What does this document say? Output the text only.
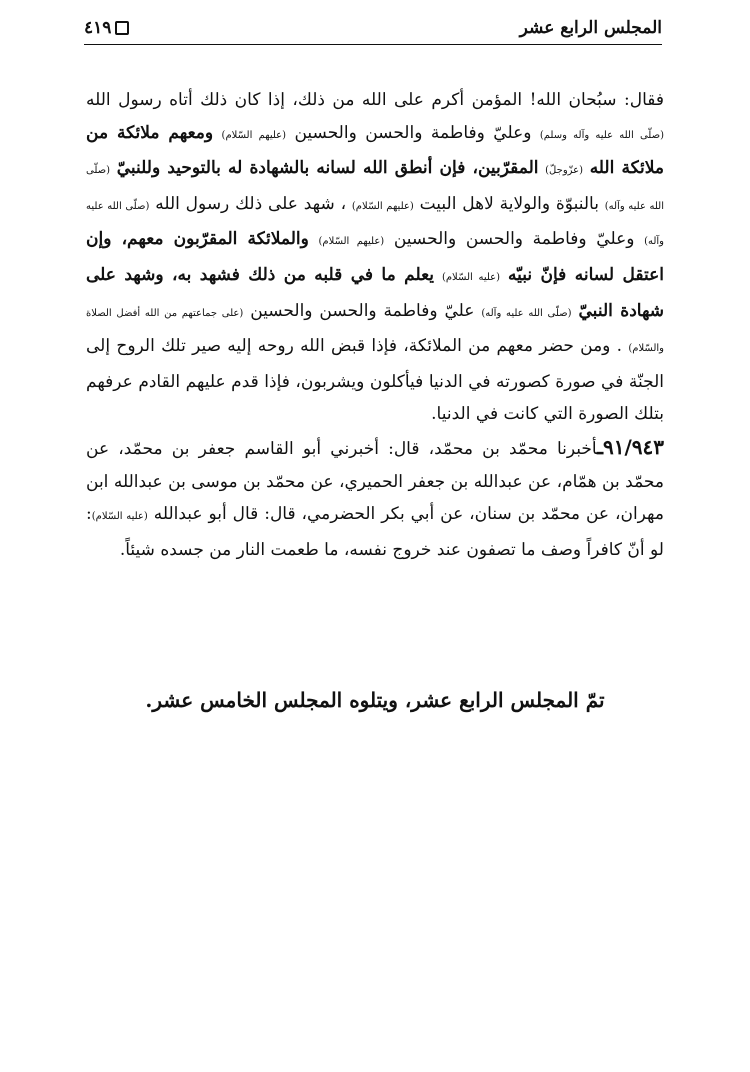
المجلس الرابع عشر
٤١٩

فقال: سبُحان الله! المؤمن أكرم على الله من ذلك، إذا كان ذلك أتاه رسول الله (صلّى الله عليه وآله وسلم) وعليّ وفاطمة والحسن والحسين (عليهم السّلام) ومعهم ملائكة من ملائكة الله (عزّوجلّ) المقرّبين، فإن أنطق الله لسانه بالشهادة له بالتوحيد وللنبيّ (صلّى الله عليه وآله) بالنبوّة والولاية لاهل البيت (عليهم السّلام) ، شهد على ذلك رسول الله (صلّى الله عليه وآله) وعليّ وفاطمة والحسن والحسين (عليهم السّلام) والملائكة المقرّبون معهم، وإن اعتقل لسانه فإنّ نبيّه (عليه السّلام) يعلم ما في قلبه من ذلك فشهد به، وشهد على شهادة النبيّ (صلّى الله عليه وآله) عليّ وفاطمة والحسن والحسين (على جماعتهم من الله أفضل الصلاة والسّلام) . ومن حضر معهم من الملائكة، فإذا قبض الله روحه إليه صير تلك الروح إلى الجنّة في صورة كصورته في الدنيا فيأكلون ويشربون، فإذا قدم عليهم القادم عرفهم بتلك الصورة التي كانت في الدنيا.

٩١/٩٤٣ـأخبرنا محمّد بن محمّد، قال: أخبرني أبو القاسم جعفر بن محمّد، عن محمّد بن همّام، عن عبدالله بن جعفر الحميري، عن محمّد بن موسى بن عبدالله ابن مهران، عن محمّد بن سنان، عن أبي بكر الحضرمي، قال: قال أبو عبدالله (عليه السّلام): لو أنّ كافراً وصف ما تصفون عند خروج نفسه، ما طعمت النار من جسده شيئاً.

تمّ المجلس الرابع عشر، ويتلوه المجلس الخامس عشر.
